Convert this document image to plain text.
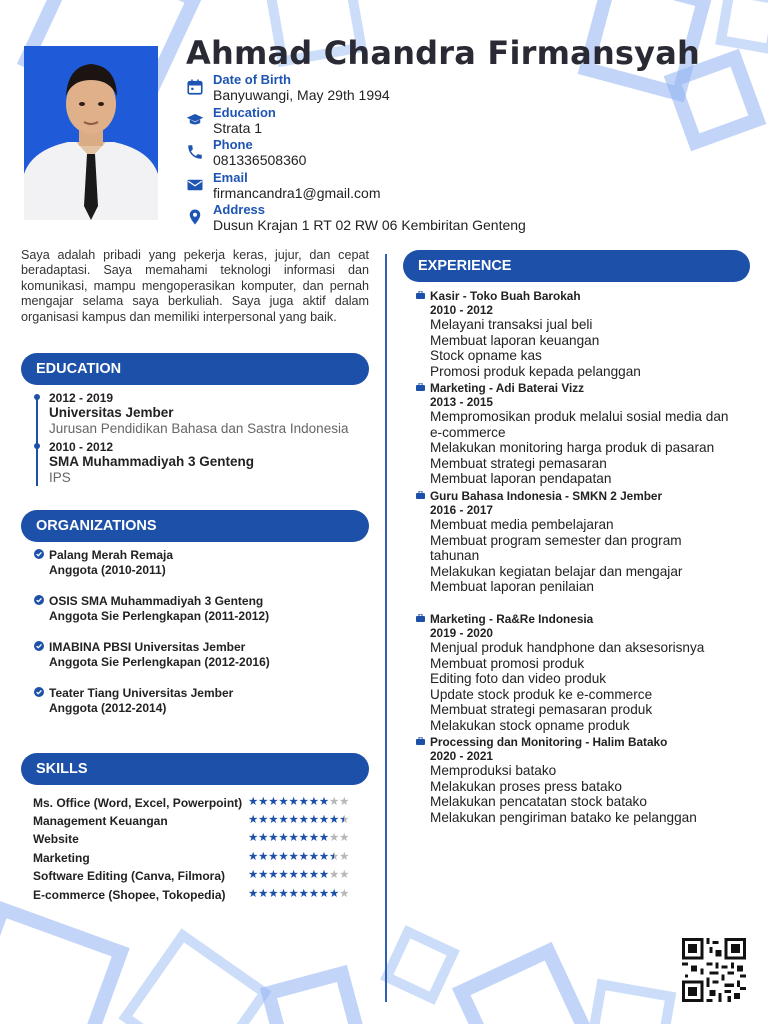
Ahmad Chandra Firmansyah
Date of Birth
Banyuwangi, May 29th 1994
Education
Strata 1
Phone
081336508360
Email
firmancandra1@gmail.com
Address
Dusun Krajan 1 RT 02 RW 06 Kembiritan Genteng
Saya adalah pribadi yang pekerja keras, jujur, dan cepat beradaptasi. Saya memahami teknologi informasi dan komunikasi, mampu mengoperasikan komputer, dan pernah mengajar selama saya berkuliah. Saya juga aktif dalam organisasi kampus dan memiliki interpersonal yang baik.
EDUCATION
2012 - 2019
Universitas Jember
Jurusan Pendidikan Bahasa dan Sastra Indonesia
2010 - 2012
SMA Muhammadiyah 3 Genteng
IPS
ORGANIZATIONS
Palang Merah Remaja
Anggota (2010-2011)
OSIS SMA Muhammadiyah 3 Genteng
Anggota Sie Perlengkapan (2011-2012)
IMABINA PBSI Universitas Jember
Anggota Sie Perlengkapan (2012-2016)
Teater Tiang Universitas Jember
Anggota (2012-2014)
SKILLS
Ms. Office (Word, Excel, Powerpoint) ★★★★★★★★★★
Management Keuangan	★★★★★★★★★★
Website	★★★★★★★★★★
Marketing	★★★★★★★★★★
Software Editing (Canva, Filmora) ★★★★★★★★★★
E-commerce (Shopee, Tokopedia) ★★★★★★★★★★
EXPERIENCE
Kasir - Toko Buah Barokah
2010 - 2012
Melayani transaksi jual beli
Membuat laporan keuangan
Stock opname kas
Promosi produk kepada pelanggan
Marketing - Adi Baterai Vizz
2013 - 2015
Mempromosikan produk melalui sosial media dan e-commerce
Melakukan monitoring harga produk di pasaran
Membuat strategi pemasaran
Membuat laporan pendapatan
Guru Bahasa Indonesia - SMKN 2 Jember
2016 - 2017
Membuat media pembelajaran
Membuat program semester dan program tahunan
Melakukan kegiatan belajar dan mengajar
Membuat laporan penilaian
Marketing - Ra&Re Indonesia
2019 - 2020
Menjual produk handphone dan aksesorisnya
Membuat promosi produk
Editing foto dan video produk
Update stock produk ke e-commerce
Membuat strategi pemasaran produk
Melakukan stock opname produk
Processing dan Monitoring - Halim Batako
2020 - 2021
Memproduksi batako
Melakukan proses press batako
Melakukan pencatatan stock batako
Melakukan pengiriman batako ke pelanggan
